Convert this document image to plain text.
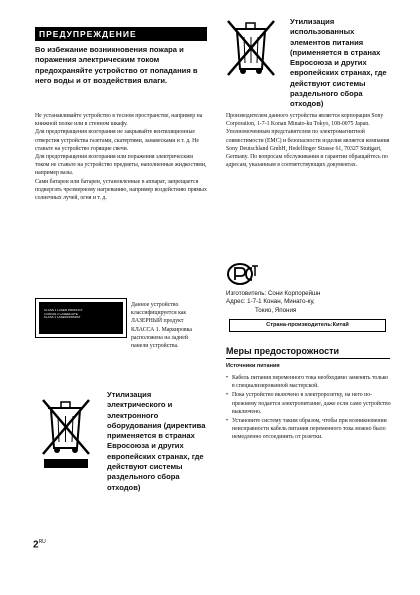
ПРЕДУПРЕЖДЕНИЕ
Во избежание возникновения пожара и поражения электрическим током предохраняйте устройство от попадания в него воды и от воздействия влаги.

Не устанавливайте устройство в тесном пространстве, например на книжной полке или в стенном шкафу.

Для предотвращения возгорания не закрывайте вентиляционные отверстия устройства газетами, скатертями, занавесками и т. д. Не ставьте на устройство горящие свечи.

Для предотвращения возгорания или поражения электрическим током не ставьте на устройство предметы, наполненные жидкостями, например вазы.

Сами батареи или батареи, установленные в аппарат, запрещается подвергать чрезмерному нагреванию, например воздействию прямых солнечных лучей, огня и т. д.

CLASS 1 LASER PRODUCT
LUOKAN 1 LASERLAITE
KLASS 1 LASERAPPARAT
Данное устройство классифицируется как ЛАЗЕРНЫЙ продукт КЛАССА 1. Маркировка расположена на задней панели устройства.
Утилизация электрического и электронного оборудования (директива применяется в странах Евросоюза и других европейских странах, где действуют системы раздельного сбора отходов)
Утилизация использованных элементов питания (применяется в странах Евросоюза и других европейских странах, где действуют системы раздельного сбора отходов)
Производителем данного устройства является корпорация Sony Corporation, 1-7-1 Konan Minato-ku Tokyo, 108-0075 Japan. Уполномоченным представителем по электромагнитной совместимости (ЕМС) и безопасности изделия является компания Sony Deutschland GmbH, Hedelfinger Strasse 61, 70327 Stuttgart, Germany. По вопросам обслуживания и гарантии обращайтесь по адресам, указанным в соответствующих документах.
Изготовитель: Сони Корпорейшн
Адрес: 1-7-1 Конан, Минато-ку,
Токио, Япония
Страна-производитель:Китай
Меры предосторожности
Источники питания
• Кабель питания переменного тока необходимо заменять только в специализированной мастерской.
• Пока устройство включено в электророзетку, на него по-прежнему подается электропитание, даже если само устройство выключено.
• Установите систему таким образом, чтобы при возникновении неисправности кабель питания переменного тока можно было немедленно отсоединить от розетки.
$2^{RU}$
